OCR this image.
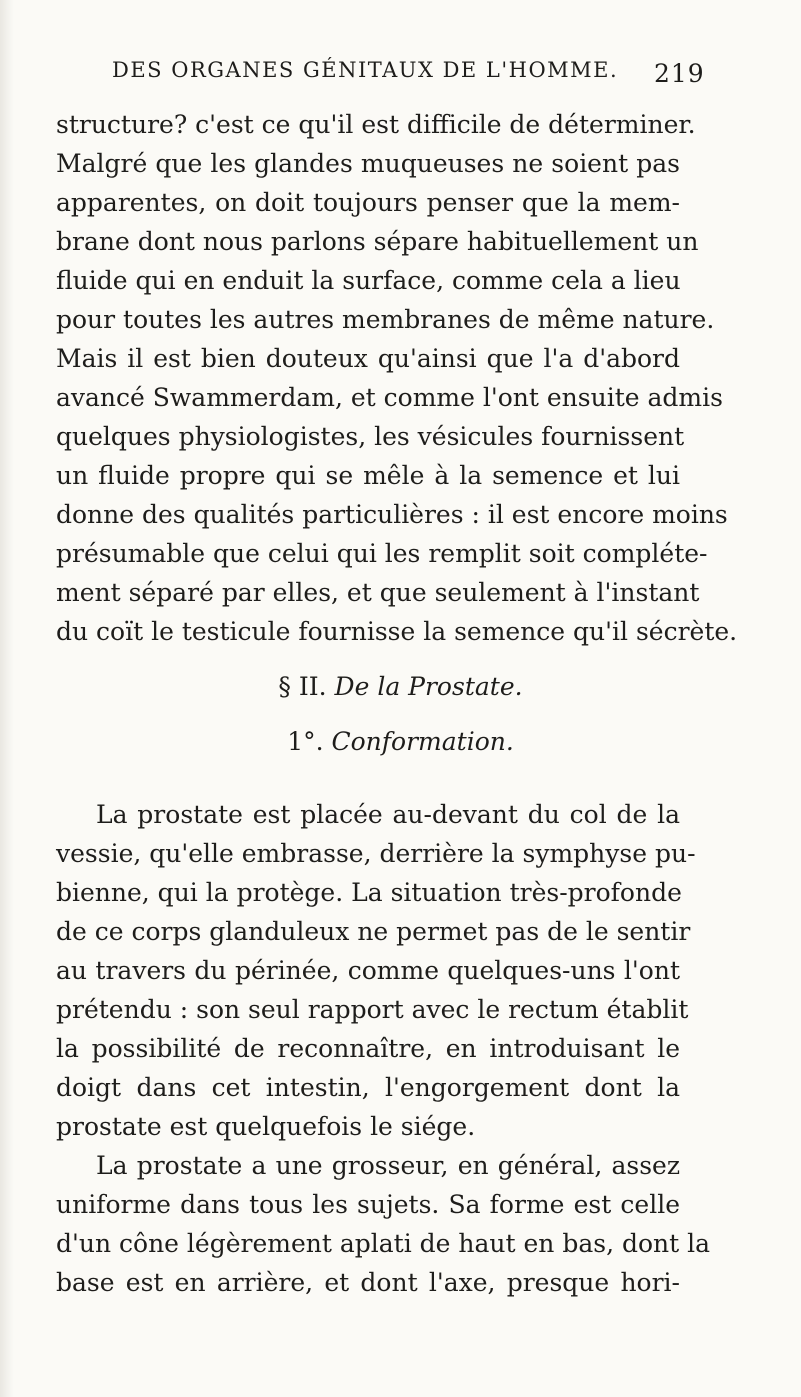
DES ORGANES GÉNITAUX DE L'HOMME. 219
structure? c'est ce qu'il est difficile de déterminer.
Malgré que les glandes muqueuses ne soient pas
apparentes, on doit toujours penser que la mem-
brane dont nous parlons sépare habituellement un
fluide qui en enduit la surface, comme cela a lieu
pour toutes les autres membranes de même nature.
Mais il est bien douteux qu'ainsi que l'a d'abord
avancé Swammerdam, et comme l'ont ensuite admis
quelques physiologistes, les vésicules fournissent
un fluide propre qui se mêle à la semence et lui
donne des qualités particulières : il est encore moins
présumable que celui qui les remplit soit compléte-
ment séparé par elles, et que seulement à l'instant
du coït le testicule fournisse la semence qu'il sécrète.
§ II. De la Prostate.
1°. Conformation.
La prostate est placée au-devant du col de la
vessie, qu'elle embrasse, derrière la symphyse pu-
bienne, qui la protège. La situation très-profonde
de ce corps glanduleux ne permet pas de le sentir
au travers du périnée, comme quelques-uns l'ont
prétendu : son seul rapport avec le rectum établit
la possibilité de reconnaître, en introduisant le
doigt dans cet intestin, l'engorgement dont la
prostate est quelquefois le siége.
La prostate a une grosseur, en général, assez
uniforme dans tous les sujets. Sa forme est celle
d'un cône légèrement aplati de haut en bas, dont la
base est en arrière, et dont l'axe, presque hori-
